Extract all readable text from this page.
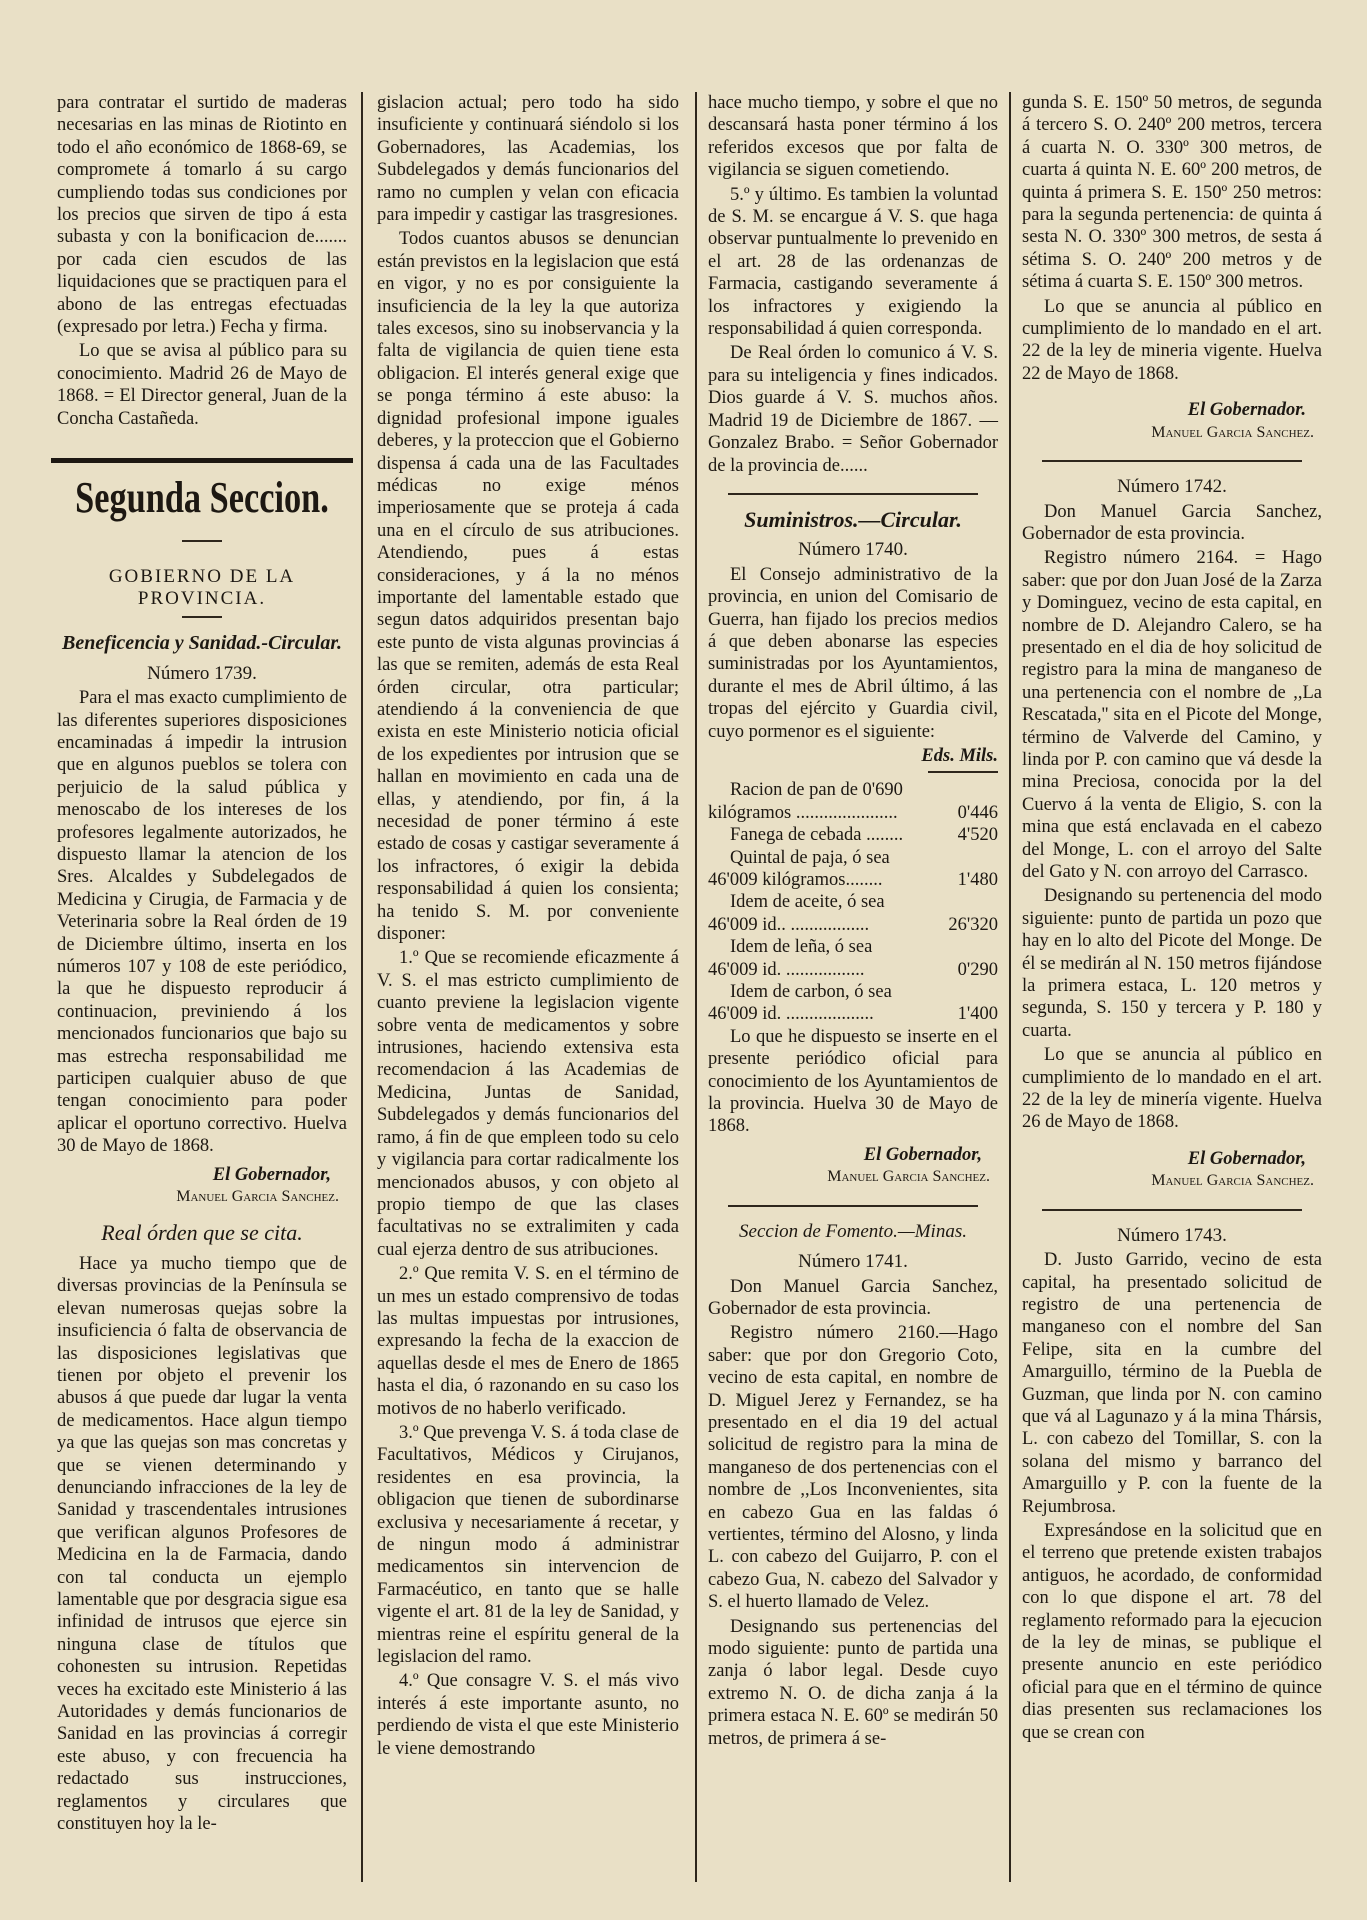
para contratar el surtido de maderas necesarias en las minas de Riotinto en todo el año económico de 1868-69, se compromete á tomarlo á su cargo cumpliendo todas sus condiciones por los precios que sirven de tipo á esta subasta y con la bonificacion de....... por cada cien escudos de las liquidaciones que se practiquen para el abono de las entregas efectuadas (expresado por letra.) Fecha y firma.

Lo que se avisa al público para su conocimiento. Madrid 26 de Mayo de 1868. = El Director general, Juan de la Concha Castañeda.

Segunda Seccion.
GOBIERNO DE LA PROVINCIA.
Beneficencia y Sanidad.-Circular.
Número 1739.

Para el mas exacto cumplimiento de las diferentes superiores disposiciones encaminadas á impedir la intrusion que en algunos pueblos se tolera con perjuicio de la salud pública y menoscabo de los intereses de los profesores legalmente autorizados, he dispuesto llamar la atencion de los Sres. Alcaldes y Subdelegados de Medicina y Cirugia, de Farmacia y de Veterinaria sobre la Real órden de 19 de Diciembre último, inserta en los números 107 y 108 de este periódico, la que he dispuesto reproducir á continuacion, previniendo á los mencionados funcionarios que bajo su mas estrecha responsabilidad me participen cualquier abuso de que tengan conocimiento para poder aplicar el oportuno correctivo. Huelva 30 de Mayo de 1868.

El Gobernador,
Manuel Garcia Sanchez.
Real órden que se cita.

Hace ya mucho tiempo que de diversas provincias de la Península se elevan numerosas quejas sobre la insuficiencia ó falta de observancia de las disposiciones legislativas que tienen por objeto el prevenir los abusos á que puede dar lugar la venta de medicamentos. Hace algun tiempo ya que las quejas son mas concretas y que se vienen determinando y denunciando infracciones de la ley de Sanidad y trascendentales intrusiones que verifican algunos Profesores de Medicina en la de Farmacia, dando con tal conducta un ejemplo lamentable que por desgracia sigue esa infinidad de intrusos que ejerce sin ninguna clase de títulos que cohonesten su intrusion. Repetidas veces ha excitado este Ministerio á las Autoridades y demás funcionarios de Sanidad en las provincias á corregir este abuso, y con frecuencia ha redactado sus instrucciones, reglamentos y circulares que constituyen hoy la le-

gislacion actual; pero todo ha sido insuficiente y continuará siéndolo si los Gobernadores, las Academias, los Subdelegados y demás funcionarios del ramo no cumplen y velan con eficacia para impedir y castigar las trasgresiones.

Todos cuantos abusos se denuncian están previstos en la legislacion que está en vigor, y no es por consiguiente la insuficiencia de la ley la que autoriza tales excesos, sino su inobservancia y la falta de vigilancia de quien tiene esta obligacion. El interés general exige que se ponga término á este abuso: la dignidad profesional impone iguales deberes, y la proteccion que el Gobierno dispensa á cada una de las Facultades médicas no exige ménos imperiosamente que se proteja á cada una en el círculo de sus atribuciones. Atendiendo, pues á estas consideraciones, y á la no ménos importante del lamentable estado que segun datos adquiridos presentan bajo este punto de vista algunas provincias á las que se remiten, además de esta Real órden circular, otra particular; atendiendo á la conveniencia de que exista en este Ministerio noticia oficial de los expedientes por intrusion que se hallan en movimiento en cada una de ellas, y atendiendo, por fin, á la necesidad de poner término á este estado de cosas y castigar severamente á los infractores, ó exigir la debida responsabilidad á quien los consienta; ha tenido S. M. por conveniente disponer:

1.º Que se recomiende eficazmente á V. S. el mas estricto cumplimiento de cuanto previene la legislacion vigente sobre venta de medicamentos y sobre intrusiones, haciendo extensiva esta recomendacion á las Academias de Medicina, Juntas de Sanidad, Subdelegados y demás funcionarios del ramo, á fin de que empleen todo su celo y vigilancia para cortar radicalmente los mencionados abusos, y con objeto al propio tiempo de que las clases facultativas no se extralimiten y cada cual ejerza dentro de sus atribuciones.

2.º Que remita V. S. en el término de un mes un estado comprensivo de todas las multas impuestas por intrusiones, expresando la fecha de la exaccion de aquellas desde el mes de Enero de 1865 hasta el dia, ó razonando en su caso los motivos de no haberlo verificado.

3.º Que prevenga V. S. á toda clase de Facultativos, Médicos y Cirujanos, residentes en esa provincia, la obligacion que tienen de subordinarse exclusiva y necesariamente á recetar, y de ningun modo á administrar medicamentos sin intervencion de Farmacéutico, en tanto que se halle vigente el art. 81 de la ley de Sanidad, y mientras reine el espíritu general de la legislacion del ramo.

4.º Que consagre V. S. el más vivo interés á este importante asunto, no perdiendo de vista el que este Ministerio le viene demostrando

hace mucho tiempo, y sobre el que no descansará hasta poner término á los referidos excesos que por falta de vigilancia se siguen cometiendo.

5.º y último. Es tambien la voluntad de S. M. se encargue á V. S. que haga observar puntualmente lo prevenido en el art. 28 de las ordenanzas de Farmacia, castigando severamente á los infractores y exigiendo la responsabilidad á quien corresponda.

De Real órden lo comunico á V. S. para su inteligencia y fines indicados. Dios guarde á V. S. muchos años. Madrid 19 de Diciembre de 1867. — Gonzalez Brabo. = Señor Gobernador de la provincia de......

Suministros.—Circular.
Número 1740.

El Consejo administrativo de la provincia, en union del Comisario de Guerra, han fijado los precios medios á que deben abonarse las especies suministradas por los Ayuntamientos, durante el mes de Abril último, á las tropas del ejército y Guardia civil, cuyo pormenor es el siguiente:

Eds. Mils.
Racion de pan de 0'690
kilógramos ......................	0'446
Fanega de cebada ........	4'520
Quintal de paja, ó sea
46'009 kilógramos........	1'480
Idem de aceite, ó sea
46'009 id.. .................	26'320
Idem de leña, ó sea
46'009 id. .................	0'290
Idem de carbon, ó sea
46'009 id. ...................	1'400

Lo que he dispuesto se inserte en el presente periódico oficial para conocimiento de los Ayuntamientos de la provincia. Huelva 30 de Mayo de 1868.

El Gobernador,
Manuel Garcia Sanchez.
Seccion de Fomento.—Minas.
Número 1741.

Don Manuel Garcia Sanchez, Gobernador de esta provincia.

Registro número 2160.—Hago saber: que por don Gregorio Coto, vecino de esta capital, en nombre de D. Miguel Jerez y Fernandez, se ha presentado en el dia 19 del actual solicitud de registro para la mina de manganeso de dos pertenencias con el nombre de ,,Los Inconvenientes, sita en cabezo Gua en las faldas ó vertientes, término del Alosno, y linda L. con cabezo del Guijarro, P. con el cabezo Gua, N. cabezo del Salvador y S. el huerto llamado de Velez.

Designando sus pertenencias del modo siguiente: punto de partida una zanja ó labor legal. Desde cuyo extremo N. O. de dicha zanja á la primera estaca N. E. 60º se medirán 50 metros, de primera á se-

gunda S. E. 150º 50 metros, de segunda á tercero S. O. 240º 200 metros, tercera á cuarta N. O. 330º 300 metros, de cuarta á quinta N. E. 60º 200 metros, de quinta á primera S. E. 150º 250 metros: para la segunda pertenencia: de quinta á sesta N. O. 330º 300 metros, de sesta á sétima S. O. 240º 200 metros y de sétima á cuarta S. E. 150º 300 metros.

Lo que se anuncia al público en cumplimiento de lo mandado en el art. 22 de la ley de mineria vigente. Huelva 22 de Mayo de 1868.

El Gobernador.
Manuel Garcia Sanchez.
Número 1742.

Don Manuel Garcia Sanchez, Gobernador de esta provincia.

Registro número 2164. = Hago saber: que por don Juan José de la Zarza y Dominguez, vecino de esta capital, en nombre de D. Alejandro Calero, se ha presentado en el dia de hoy solicitud de registro para la mina de manganeso de una pertenencia con el nombre de ,,La Rescatada,'' sita en el Picote del Monge, término de Valverde del Camino, y linda por P. con camino que vá desde la mina Preciosa, conocida por la del Cuervo á la venta de Eligio, S. con la mina que está enclavada en el cabezo del Monge, L. con el arroyo del Salte del Gato y N. con arroyo del Carrasco.

Designando su pertenencia del modo siguiente: punto de partida un pozo que hay en lo alto del Picote del Monge. De él se medirán al N. 150 metros fijándose la primera estaca, L. 120 metros y segunda, S. 150 y tercera y P. 180 y cuarta.

Lo que se anuncia al público en cumplimiento de lo mandado en el art. 22 de la ley de minería vigente. Huelva 26 de Mayo de 1868.

El Gobernador,
Manuel Garcia Sanchez.
Número 1743.

D. Justo Garrido, vecino de esta capital, ha presentado solicitud de registro de una pertenencia de manganeso con el nombre del San Felipe, sita en la cumbre del Amarguillo, término de la Puebla de Guzman, que linda por N. con camino que vá al Lagunazo y á la mina Thársis, L. con cabezo del Tomillar, S. con la solana del mismo y barranco del Amarguillo y P. con la fuente de la Rejumbrosa.

Expresándose en la solicitud que en el terreno que pretende existen trabajos antiguos, he acordado, de conformidad con lo que dispone el art. 78 del reglamento reformado para la ejecucion de la ley de minas, se publique el presente anuncio en este periódico oficial para que en el término de quince dias presenten sus reclamaciones los que se crean con
